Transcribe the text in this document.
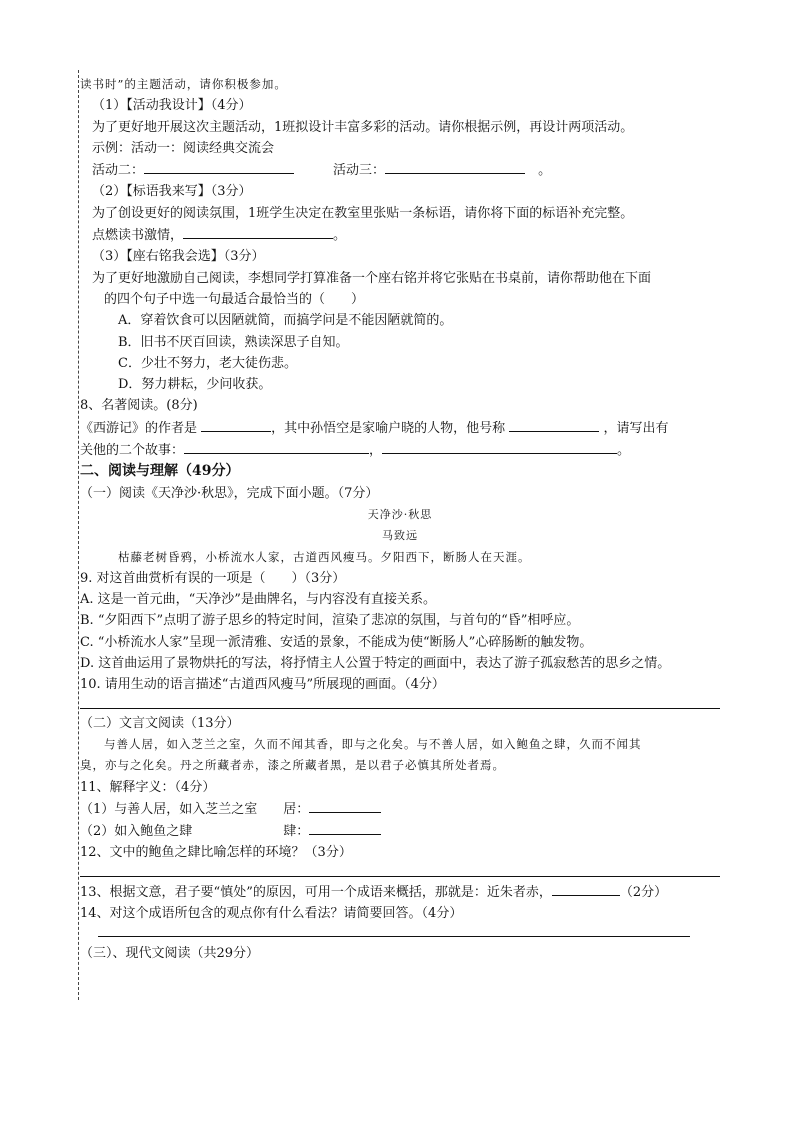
读书时”的主题活动，请你积极参加。
（1）【活动我设计】（4分）
为了更好地开展这次主题活动，1班拟设计丰富多彩的活动。请你根据示例，再设计两项活动。
示例：活动一：阅读经典交流会
活动二：　　　	活动三：　	。
（2）【标语我来写】（3分）
为了创设更好的阅读氛围，1班学生决定在教室里张贴一条标语，请你将下面的标语补充完整。
点燃读书激情，	。
（3）【座右铭我会选】（3分）
为了更好地激励自己阅读，李想同学打算准备一个座右铭并将它张贴在书桌前，请你帮助他在下面
的四个句子中选一句最适合最恰当的（　　）
A．穿着饮食可以因陋就简，而搞学问是不能因陋就简的。
B．旧书不厌百回读，熟读深思子自知。
C．少壮不努力，老大徒伤悲。
D．努力耕耘，少问收获。
8、名著阅读。(8分)
《西游记》的作者是	，其中孙悟空是家喻户晓的人物，他号称	，请写出有
关他的二个故事：	，	。
二、阅读与理解（49分）
（一）阅读《天净沙·秋思》，完成下面小题。（7分）
天净沙·秋思
马致远
枯藤老树昏鸦，小桥流水人家，古道西风瘦马。夕阳西下，断肠人在天涯。
9. 对这首曲赏析有误的一项是（　　）（3分）
A. 这是一首元曲，“天净沙”是曲牌名，与内容没有直接关系。
B. “夕阳西下”点明了游子思乡的特定时间，渲染了悲凉的氛围，与首句的“昏”相呼应。
C. “小桥流水人家”呈现一派清雅、安适的景象，不能成为使“断肠人”心碎肠断的触发物。
D. 这首曲运用了景物烘托的写法，将抒情主人公置于特定的画面中，表达了游子孤寂愁苦的思乡之情。
10. 请用生动的语言描述“古道西风瘦马”所展现的画面。（4分）
（二）文言文阅读（13分）
与善人居，如入芝兰之室，久而不闻其香，即与之化矣。与不善人居，如入鲍鱼之肆，久而不闻其
臭，亦与之化矣。丹之所藏者赤，漆之所藏者黑，是以君子必慎其所处者焉。
11、解释字义：（4分）
（1）与善人居，如入芝兰之室　　居：
（2）如入鲍鱼之肆　　　　　　　肆：
12、文中的鲍鱼之肆比喻怎样的环境？（3分）
13、根据文意，君子要“慎处”的原因，可用一个成语来概括，那就是：近朱者赤，	（2分）
14、对这个成语所包含的观点你有什么看法？请简要回答。（4分）
（三）、现代文阅读（共29分）
